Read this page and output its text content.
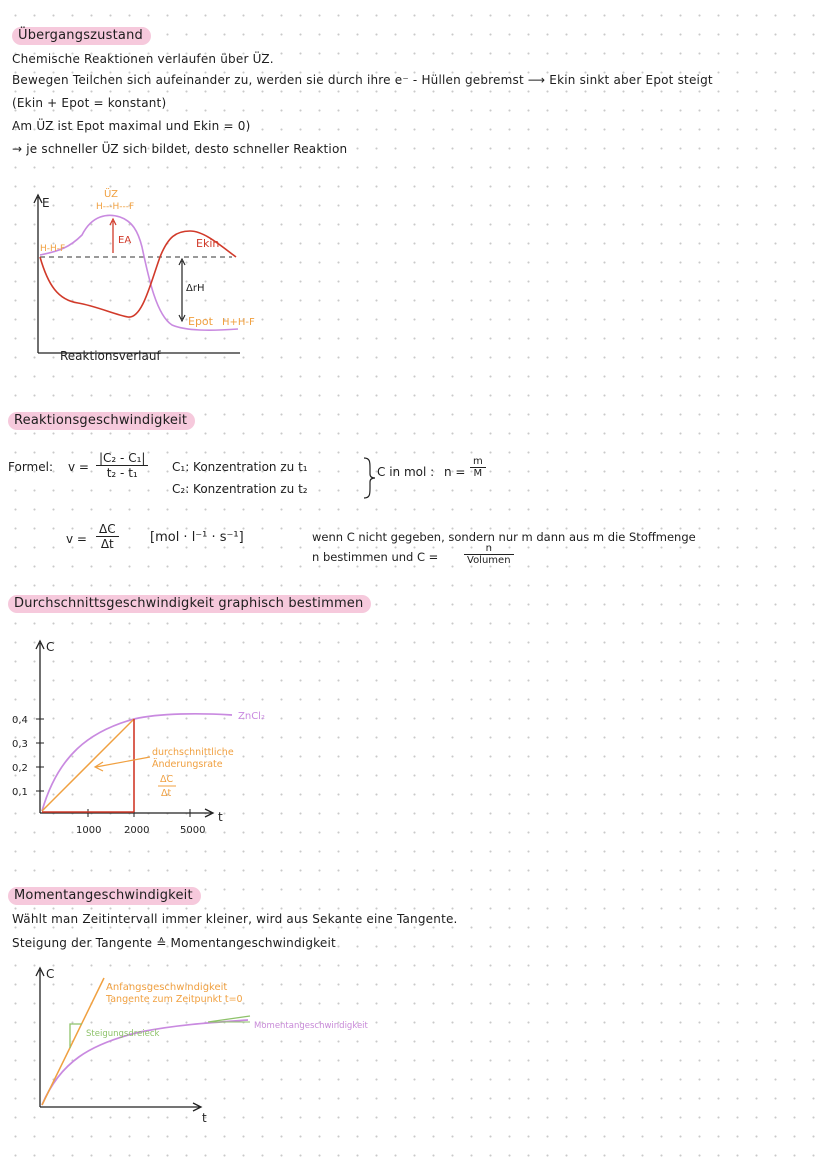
Übergangszustand
Chemische Reaktionen verlaufen über ÜZ.
Bewegen Teilchen sich aufeinander zu, werden sie durch ihre e⁻ - Hüllen gebremst ⟶ Ekin sinkt aber Epot steigt
(Ekin + Epot = konstant)
Am ÜZ ist Epot maximal und Ekin = 0)
→ je schneller ÜZ sich bildet, desto schneller Reaktion
E
ÜZ
H---H---F
H-H-F
EA	Ekin
ΔrH
Epot H+H-F
Reaktionsverlauf
Reaktionsgeschwindigkeit
Formel: $v = \frac{\text{|C₂ - C₁|}}{\text{t₂ - t₁}} C_1$: Konzentration zu t₁
C₂: Konzentration zu t₂
C in mol : $n = \frac{m}{M}$
$v = \frac{\Delta C}{\Delta t} [mol \cdot l^{-1} \cdot s^{-1}]$	wenn C nicht gegeben, sondern nur m dann aus m die Stoffmenge
n bestimmen und C =	$\frac{n}{\text{Volumen}}$
Durchschnittsgeschwindigkeit graphisch bestimmen
C
t
0,4
0,3
0,2
0,1
1000 2000	5000
ZnCl₂
durchschnittliche
Änderungsrate
ΔC
Δt
Momentangeschwindigkeit
Wählt man Zeitintervall immer kleiner, wird aus Sekante eine Tangente.
Steigung der Tangente ≙ Momentangeschwindigkeit
C
t
Anfangsgeschwindigkeit
Tangente zum Zeitpunkt t=0
Steigungsdreieck
Momentangeschwindigkeit
